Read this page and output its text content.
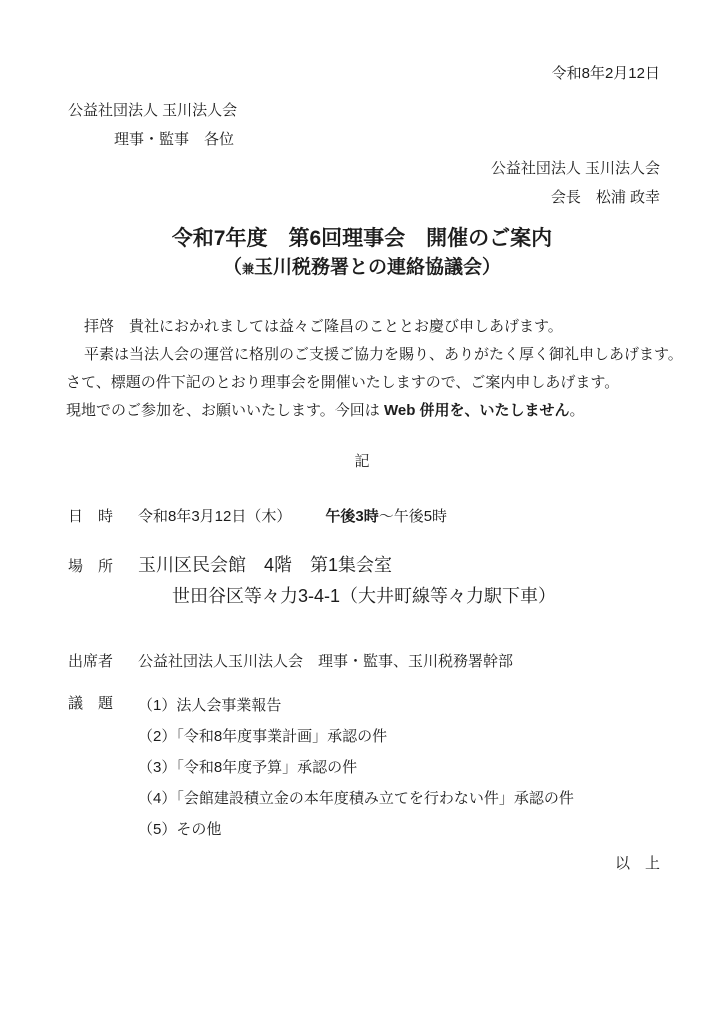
令和8年2月12日
公益社団法人 玉川法人会
理事・監事　各位
公益社団法人 玉川法人会
会長　松浦 政幸
令和7年度　第6回理事会　開催のご案内
（兼玉川税務署との連絡協議会）

拝啓　貴社におかれましては益々ご隆昌のこととお慶び申しあげます。

平素は当法人会の運営に格別のご支援ご協力を賜り、ありがたく厚く御礼申しあげます。

さて、標題の件下記のとおり理事会を開催いたしますので、ご案内申しあげます。

現地でのご参加を、お願いいたします。今回は Web 併用を、いたしません。

記
日　時	令和8年3月12日（木） 午後3時～午後5時
場　所	玉川区民会館　4階　第1集会室
世田谷区等々力3-4-1（大井町線等々力駅下車）
出席者	公益社団法人玉川法人会　理事・監事、玉川税務署幹部
議　題	（1）法人会事業報告
（2）「令和8年度事業計画」承認の件
（3）「令和8年度予算」承認の件
（4）「会館建設積立金の本年度積み立てを行わない件」承認の件
（5）その他
以　上
